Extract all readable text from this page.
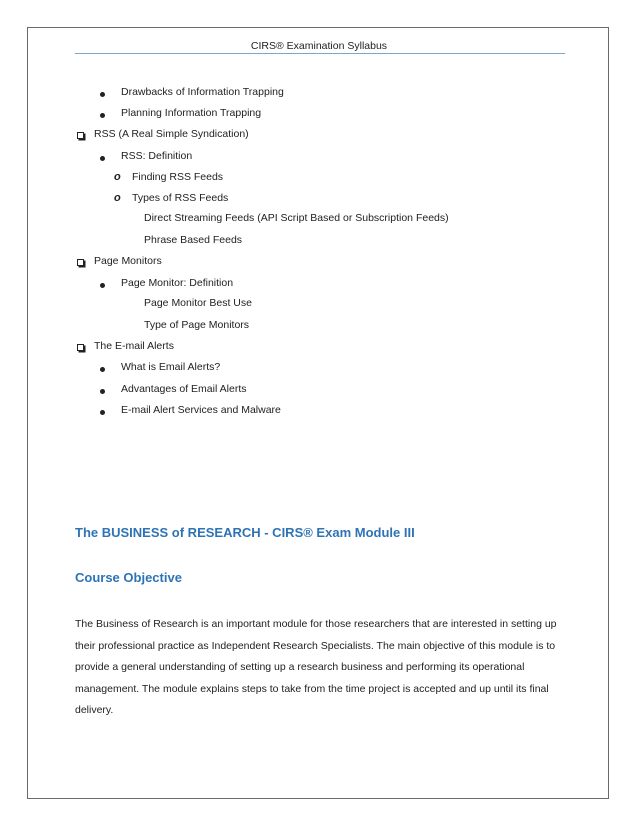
CIRS® Examination Syllabus
Drawbacks of Information Trapping
Planning Information Trapping
RSS (A Real Simple Syndication)
RSS: Definition
o Finding RSS Feeds
o Types of RSS Feeds
Direct Streaming Feeds (API Script Based or Subscription Feeds)
Phrase Based Feeds
Page Monitors
Page Monitor: Definition
Page Monitor Best Use
Type of Page Monitors
The E-mail Alerts
What is Email Alerts?
Advantages of Email Alerts
E-mail Alert Services and Malware
The BUSINESS of RESEARCH - CIRS® Exam Module III
Course Objective
The Business of Research is an important module for those researchers that are interested in setting up
their professional practice as Independent Research Specialists. The main objective of this module is to
provide a general understanding of setting up a research business and performing its operational
management. The module explains steps to take from the time project is accepted and up until its final
delivery.
